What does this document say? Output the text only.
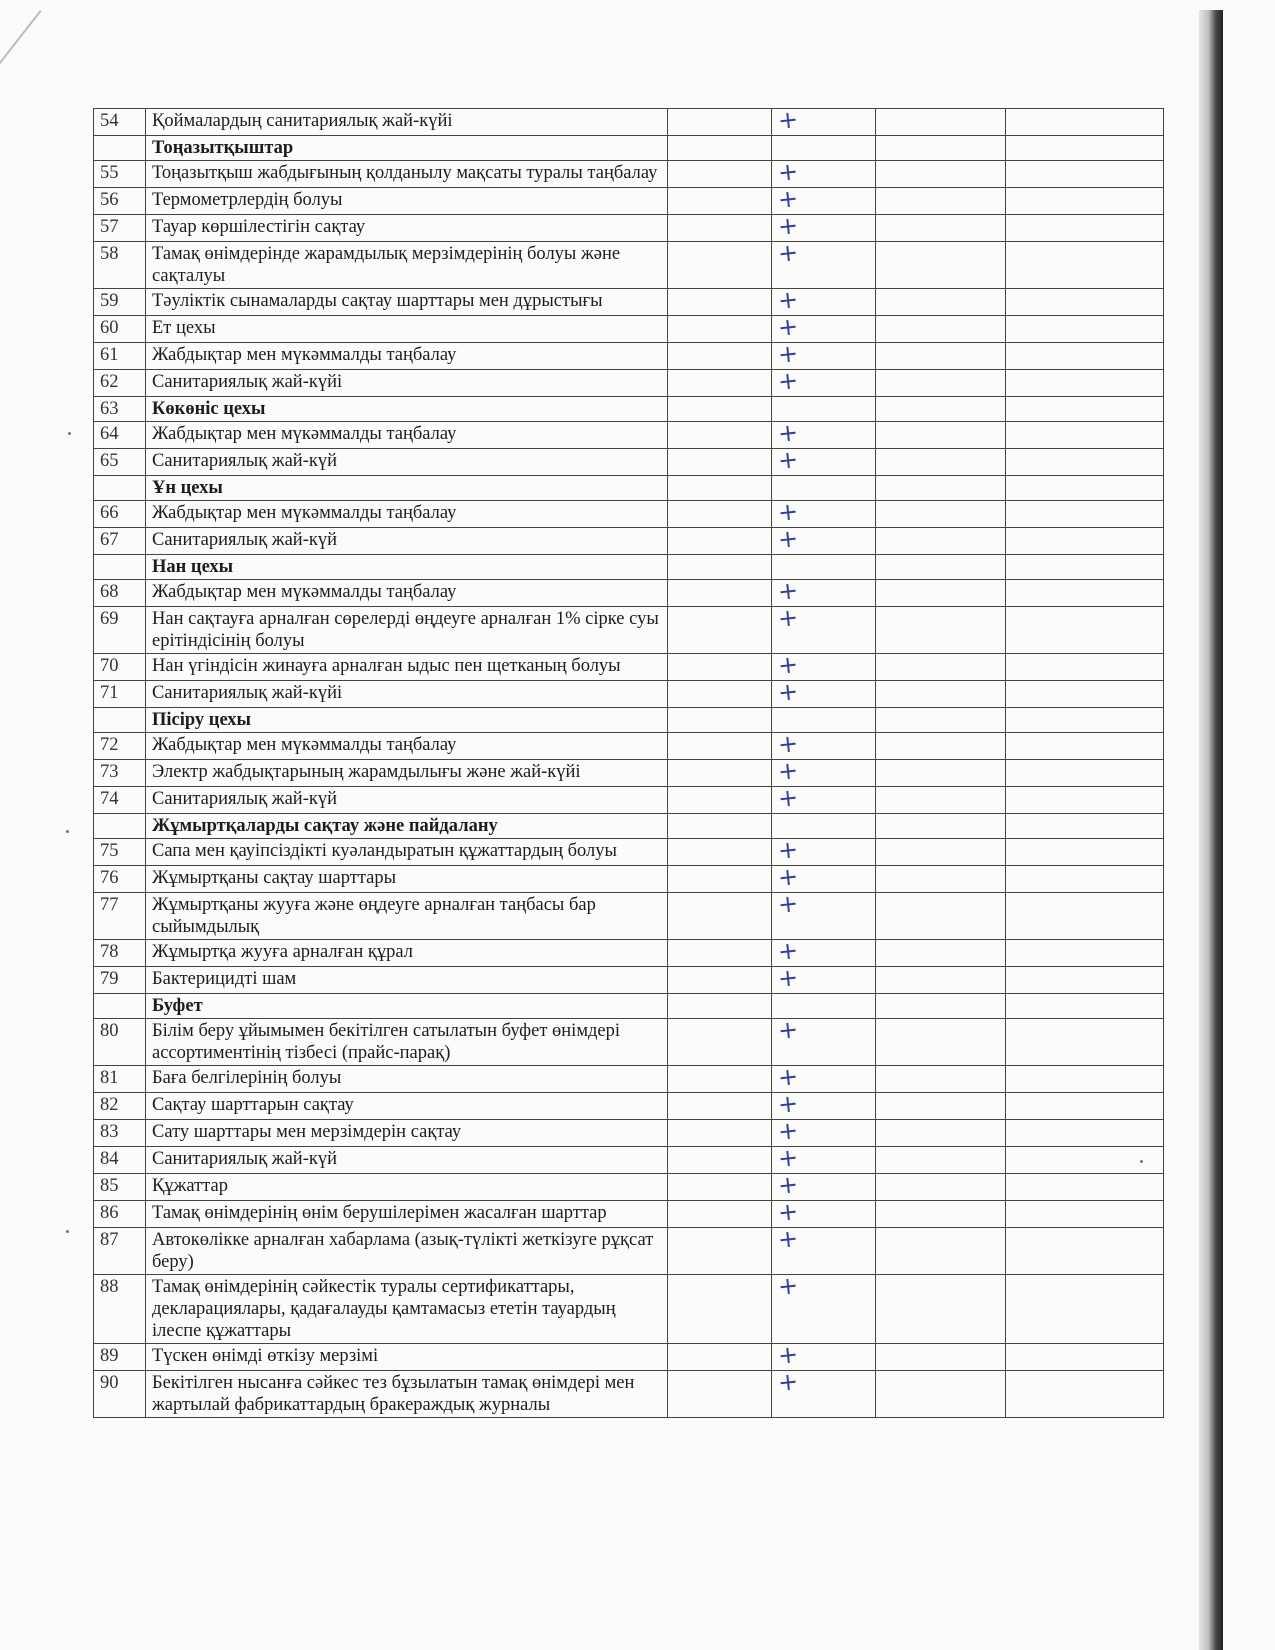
54	Қоймалардың санитариялық жай-күйі		+		
	Тоңазытқыштар				
55	Тоңазытқыш жабдығының қолданылу мақсаты туралы таңбалау		+		
56	Термометрлердің болуы		+		
57	Тауар көршілестігін сақтау		+		
58	Тамақ өнімдерінде жарамдылық мерзімдерінің болуы және сақталуы		+		
59	Тәуліктік сынамаларды сақтау шарттары мен дұрыстығы		+		
60	Ет цехы		+		
61	Жабдықтар мен мүкәммалды таңбалау		+		
62	Санитариялық жай-күйі		+		
63	Көкөніс цехы				
64	Жабдықтар мен мүкәммалды таңбалау		+		
65	Санитариялық жай-күй		+		
	Ұн цехы				
66	Жабдықтар мен мүкәммалды таңбалау		+		
67	Санитариялық жай-күй		+		
	Нан цехы				
68	Жабдықтар мен мүкәммалды таңбалау		+		
69	Нан сақтауға арналған сөрелерді өңдеуге арналған 1% сірке суы ерітіндісінің болуы		+		
70	Нан үгіндісін жинауға арналған ыдыс пен щетканың болуы		+		
71	Санитариялық жай-күйі		+		
	Пісіру цехы				
72	Жабдықтар мен мүкәммалды таңбалау		+		
73	Электр жабдықтарының жарамдылығы және жай-күйі		+		
74	Санитариялық жай-күй		+		
	Жұмыртқаларды сақтау және пайдалану				
75	Сапа мен қауіпсіздікті куәландыратын құжаттардың болуы		+		
76	Жұмыртқаны сақтау шарттары		+		
77	Жұмыртқаны жууға және өңдеуге арналған таңбасы бар сыйымдылық		+		
78	Жұмыртқа жууға арналған құрал		+		
79	Бактерицидті шам		+		
	Буфет				
80	Білім беру ұйымымен бекітілген сатылатын буфет өнімдері ассортиментінің тізбесі (прайс-парақ)		+		
81	Баға белгілерінің болуы		+		
82	Сақтау шарттарын сақтау		+		
83	Сату шарттары мен мерзімдерін сақтау		+		
84	Санитариялық жай-күй		+		
85	Құжаттар		+		
86	Тамақ өнімдерінің өнім берушілерімен жасалған шарттар		+		
87	Автокөлікке арналған хабарлама (азық-түлікті жеткізуге рұқсат беру)		+		
88	Тамақ өнімдерінің сәйкестік туралы сертификаттары, декларациялары, қадағалауды қамтамасыз ететін тауардың ілеспе құжаттары		+		
89	Түскен өнімді өткізу мерзімі		+		
90	Бекітілген нысанға сәйкес тез бұзылатын тамақ өнімдері мен жартылай фабрикаттардың бракераждық журналы		+		
